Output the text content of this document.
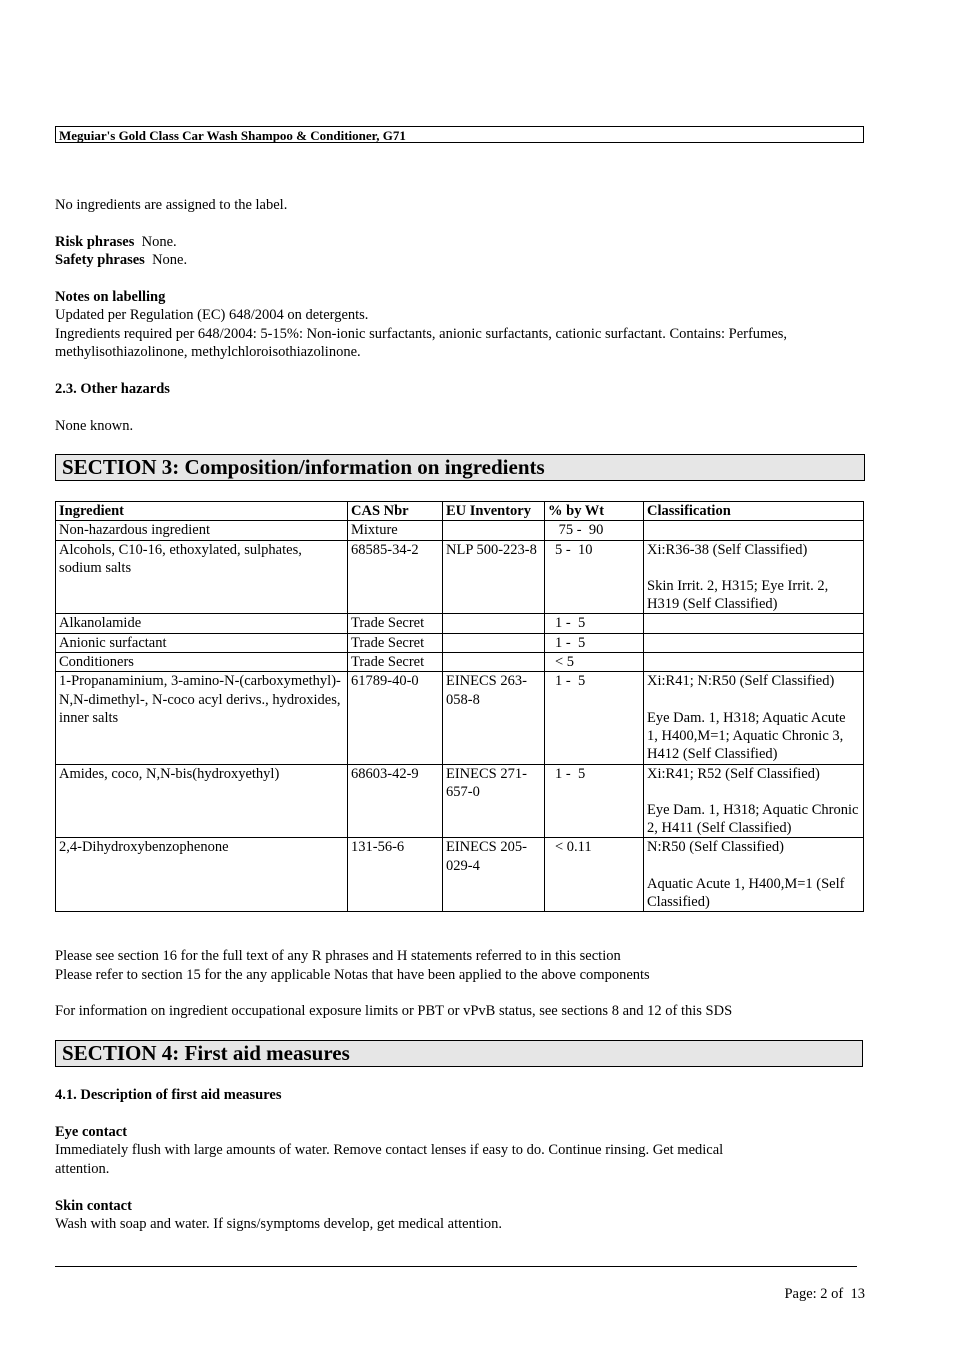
Meguiar's Gold Class Car Wash Shampoo & Conditioner, G71
No ingredients are assigned to the label.
Risk phrases None.
Safety phrases None.
Notes on labelling
Updated per Regulation (EC) 648/2004 on detergents.
Ingredients required per 648/2004: 5-15%: Non-ionic surfactants, anionic surfactants, cationic surfactant. Contains: Perfumes,
methylisothiazolinone, methylchloroisothiazolinone.
2.3. Other hazards
None known.
SECTION 3: Composition/information on ingredients
Ingredient	CAS Nbr	EU Inventory	% by Wt	Classification
Non-hazardous ingredient	Mixture		75 -  90	
Alcohols, C10-16, ethoxylated, sulphates, sodium salts	68585-34-2	NLP 500-223-8	5 -  10	Xi:R36-38 (Self Classified)
Skin Irrit. 2, H315; Eye Irrit. 2, H319 (Self Classified)

Alkanolamide	Trade Secret		1 -  5	
Anionic surfactant	Trade Secret		1 -  5	
Conditioners	Trade Secret		< 5	
1-Propanaminium, 3-amino-N-(carboxymethyl)-N,N-dimethyl-, N-coco acyl derivs., hydroxides, inner salts	61789-40-0	EINECS 263-058-8	1 -  5	Xi:R41; N:R50 (Self Classified)
Eye Dam. 1, H318; Aquatic Acute 1, H400,M=1; Aquatic Chronic 3, H412 (Self Classified)

Amides, coco, N,N-bis(hydroxyethyl)	68603-42-9	EINECS 271-657-0	1 -  5	Xi:R41; R52 (Self Classified)
Eye Dam. 1, H318; Aquatic Chronic 2, H411 (Self Classified)

2,4-Dihydroxybenzophenone	131-56-6	EINECS 205-029-4	< 0.11	N:R50 (Self Classified)
Aquatic Acute 1, H400,M=1 (Self Classified)
Please see section 16 for the full text of any R phrases and H statements referred to in this section
Please refer to section 15 for the any applicable Notas that have been applied to the above components
For information on ingredient occupational exposure limits or PBT or vPvB status, see sections 8 and 12 of this SDS
SECTION 4: First aid measures
4.1. Description of first aid measures
Eye contact
Immediately flush with large amounts of water. Remove contact lenses if easy to do. Continue rinsing. Get medical
attention.
Skin contact
Wash with soap and water. If signs/symptoms develop, get medical attention.
Page: 2 of  13
